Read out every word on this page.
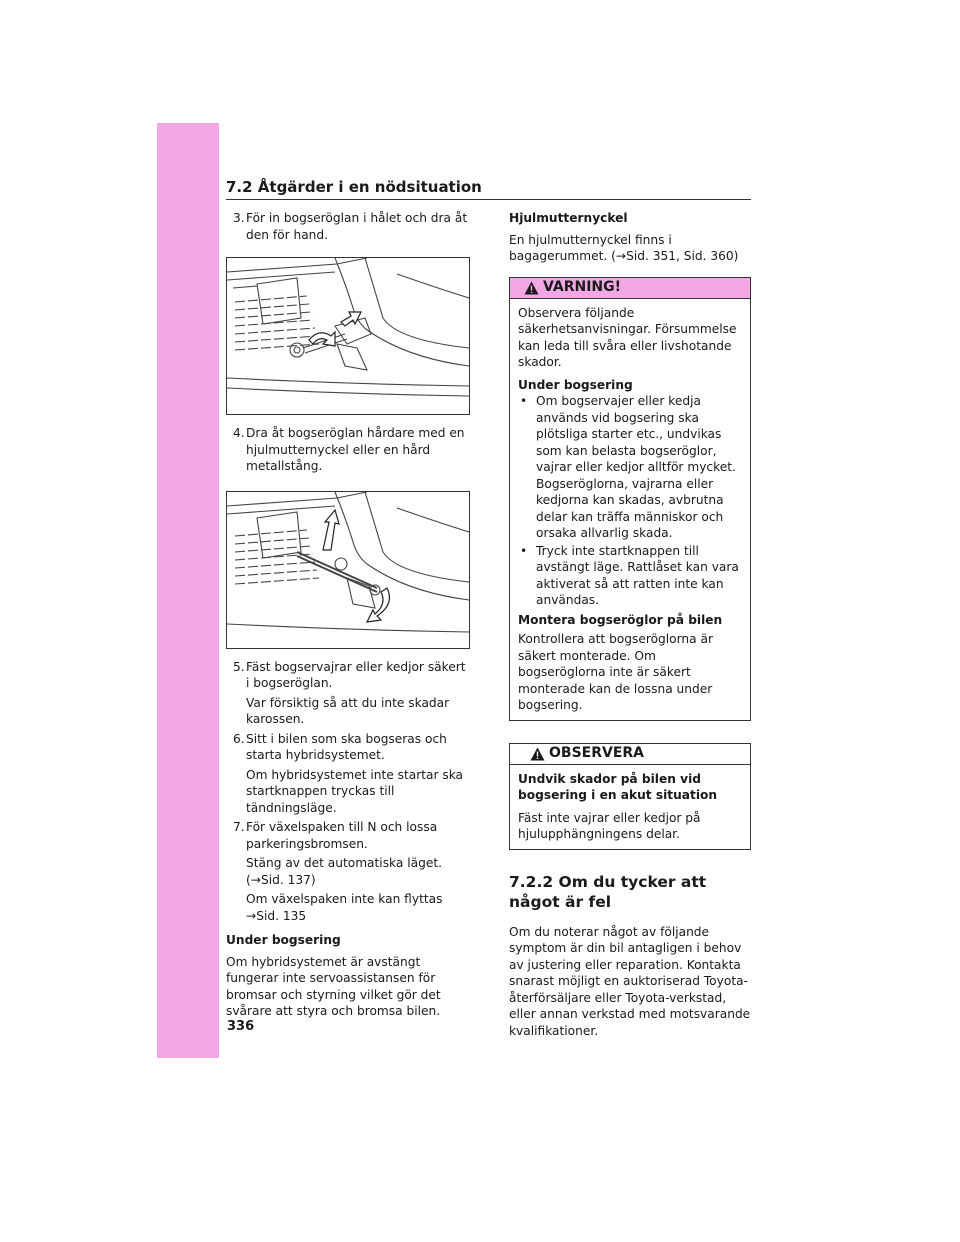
7.2 Åtgärder i en nödsituation
3. För in bogseröglan i hålet och dra åt den för hand.
4. Dra åt bogseröglan hårdare med en hjulmutternyckel eller en hård metallstång.
5. Fäst bogservajrar eller kedjor säkert i bogseröglan.
Var försiktig så att du inte skadar karossen.
6. Sitt i bilen som ska bogseras och starta hybridsystemet.
Om hybridsystemet inte startar ska startknappen tryckas till tändningsläge.
7. För växelspaken till N och lossa parkeringsbromsen.
Stäng av det automatiska läget. (→Sid. 137)
Om växelspaken inte kan flyttas →Sid. 135
Under bogsering
Om hybridsystemet är avstängt fungerar inte servoassistansen för bromsar och styrning vilket gör det svårare att styra och bromsa bilen.
336
Hjulmutternyckel
En hjulmutternyckel finns i bagagerummet. (→Sid. 351, Sid. 360)
VARNING!
Observera följande säkerhetsanvisningar. Försummelse kan leda till svåra eller livshotande skador.
Under bogsering
• Om bogservajer eller kedja används vid bogsering ska plötsliga starter etc., undvikas som kan belasta bogseröglor, vajrar eller kedjor alltför mycket. Bogseröglorna, vajrarna eller kedjorna kan skadas, avbrutna delar kan träffa människor och orsaka allvarlig skada.
• Tryck inte startknappen till avstängt läge. Rattlåset kan vara aktiverat så att ratten inte kan användas.
Montera bogseröglor på bilen
Kontrollera att bogseröglorna är säkert monterade. Om bogseröglorna inte är säkert monterade kan de lossna under bogsering.
OBSERVERA
Undvik skador på bilen vid bogsering i en akut situation
Fäst inte vajrar eller kedjor på hjulupphängningens delar.
7.2.2 Om du tycker att något är fel
Om du noterar något av följande symptom är din bil antagligen i behov av justering eller reparation. Kontakta snarast möjligt en auktoriserad Toyota-återförsäljare eller Toyota-verkstad, eller annan verkstad med motsvarande kvalifikationer.
